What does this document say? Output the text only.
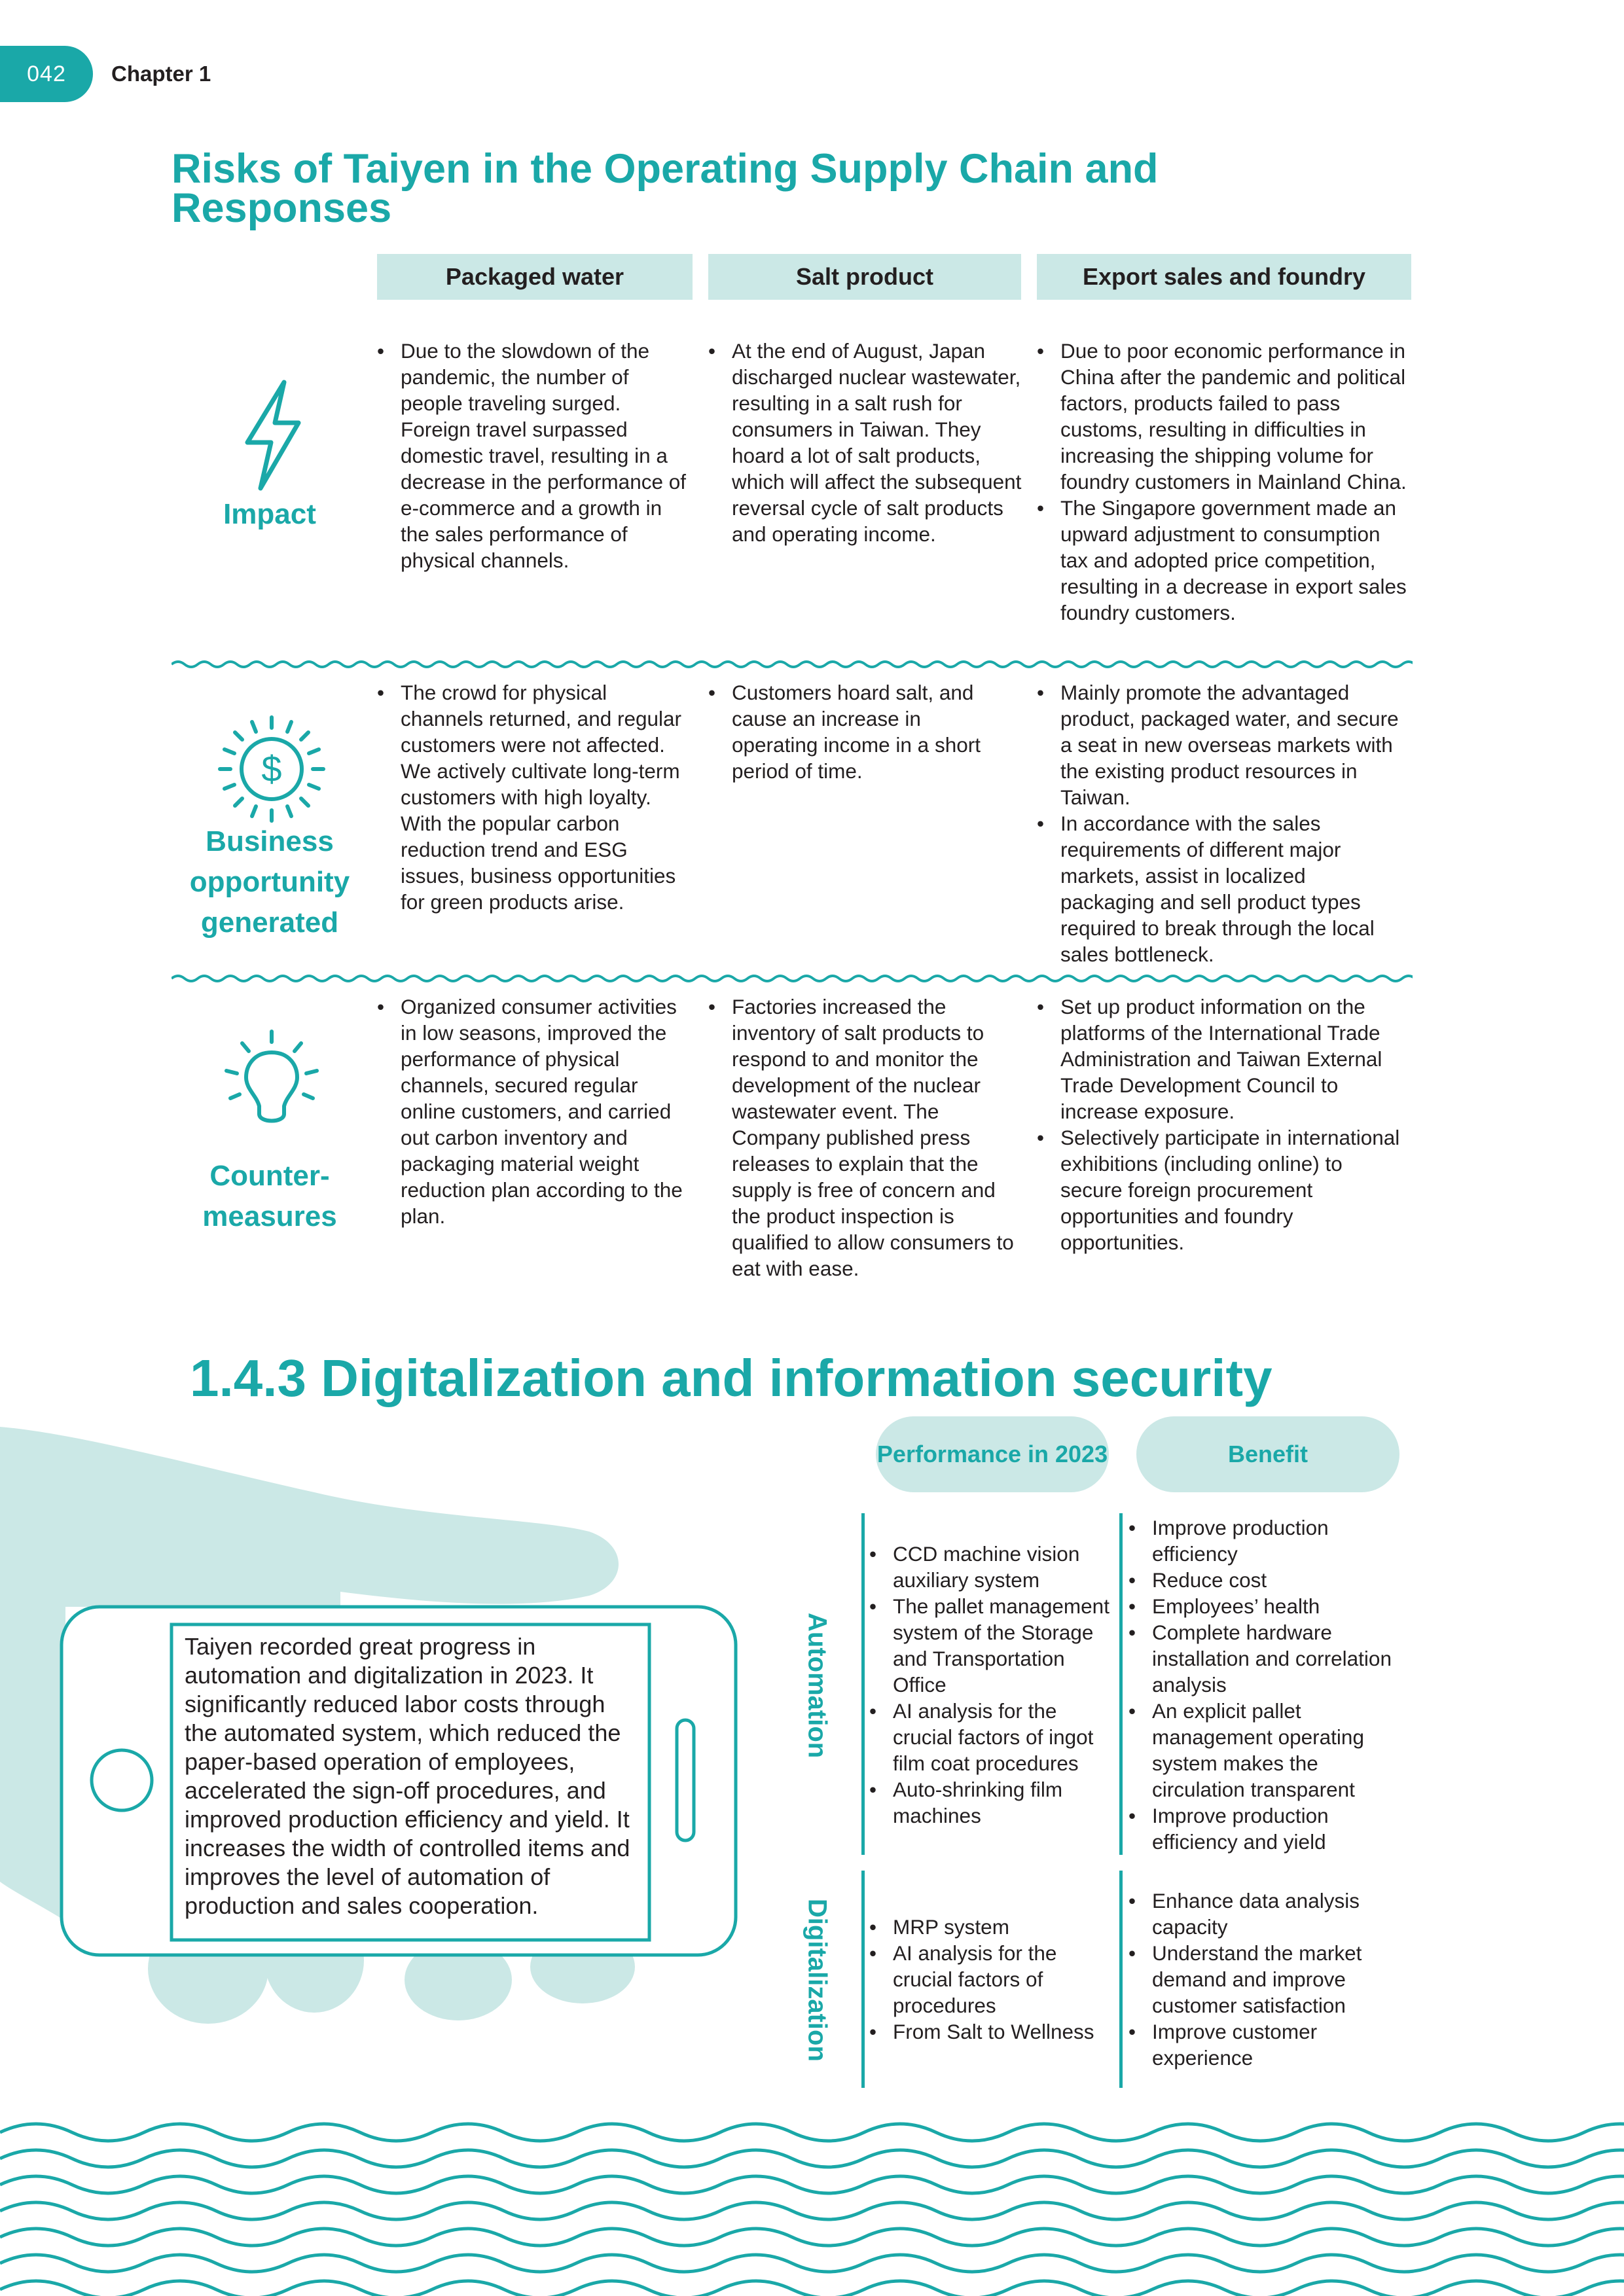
042 Chapter 1
Risks of Taiyen in the Operating Supply Chain and Responses
Packaged water	Salt product	Export sales and foundry
Impact
• Due to the slowdown of the pandemic, the number of people traveling surged. Foreign travel surpassed domestic travel, resulting in a decrease in the performance of e-commerce and a growth in the sales performance of physical channels.
• At the end of August, Japan discharged nuclear wastewater, resulting in a salt rush for consumers in Taiwan. They hoard a lot of salt products, which will affect the subsequent reversal cycle of salt products and operating income.
• Due to poor economic performance in China after the pandemic and political factors, products failed to pass customs, resulting in difficulties in increasing the shipping volume for foundry customers in Mainland China.
• The Singapore government made an upward adjustment to consumption tax and adopted price competition, resulting in a decrease in export sales foundry customers.
$
Business opportunity generated
• The crowd for physical channels returned, and regular customers were not affected. We actively cultivate long-term customers with high loyalty. With the popular carbon reduction trend and ESG issues, business opportunities for green products arise.
• Customers hoard salt, and cause an increase in operating income in a short period of time.
• Mainly promote the advantaged product, packaged water, and secure a seat in new overseas markets with the existing product resources in Taiwan.
• In accordance with the sales requirements of different major markets, assist in localized packaging and sell product types required to break through the local sales bottleneck.
Counter-measures
• Organized consumer activities in low seasons, improved the performance of physical channels, secured regular online customers, and carried out carbon inventory and packaging material weight reduction plan according to the plan.
• Factories increased the inventory of salt products to respond to and monitor the development of the nuclear wastewater event. The Company published press releases to explain that the supply is free of concern and the product inspection is qualified to allow consumers to eat with ease.
• Set up product information on the platforms of the International Trade Administration and Taiwan External Trade Development Council to increase exposure.
• Selectively participate in international exhibitions (including online) to secure foreign procurement opportunities and foundry opportunities.
1.4.3 Digitalization and information security
Taiyen recorded great progress in automation and digitalization in 2023. It significantly reduced labor costs through the automated system, which reduced the paper-based operation of employees, accelerated the sign-off procedures, and improved production efficiency and yield. It increases the width of controlled items and improves the level of automation of production and sales cooperation.
Performance in 2023	Benefit
Automation
• CCD machine vision auxiliary system
• The pallet management system of the Storage and Transportation Office
• AI analysis for the crucial factors of ingot film coat procedures
• Auto-shrinking film machines
• Improve production efficiency
• Reduce cost
• Employees’ health
• Complete hardware installation and correlation analysis
• An explicit pallet management operating system makes the circulation transparent
• Improve production efficiency and yield
Digitalization
•	MRP system
• AI analysis for the crucial factors of procedures
• From Salt to Wellness
• Enhance data analysis capacity
• Understand the market demand and improve customer satisfaction
• Improve customer experience
